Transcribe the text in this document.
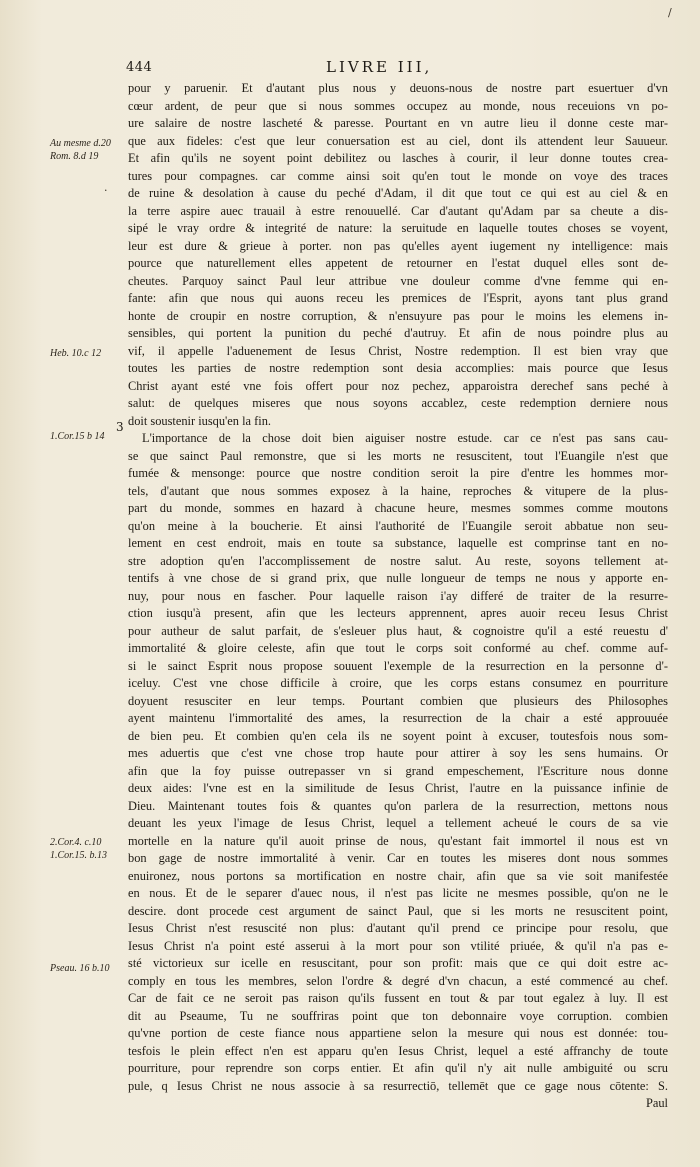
444	LIVRE III,
Au mesme d.20 Rom. 8.d 19
Heb. 10.c 12
1.Cor.15 b 14
2.Cor.4. c.10 1.Cor.15. b.13
Pseau. 16 b.10
3
·
/
pour y paruenir. Et d'autant plus nous y deuons-nous de nostre part esuertuer d'vn
cœur ardent, de peur que si nous sommes occupez au monde, nous receuions vn po-
ure salaire de nostre lascheté & paresse. Pourtant en vn autre lieu il donne ceste mar-
que aux fideles: c'est que leur conuersation est au ciel, dont ils attendent leur Sauueur.
Et afin qu'ils ne soyent point debilitez ou lasches à courir, il leur donne toutes crea-
tures pour compagnes. car comme ainsi soit qu'en tout le monde on voye des traces
de ruine & desolation à cause du peché d'Adam, il dit que tout ce qui est au ciel & en
la terre aspire auec trauail à estre renouuellé. Car d'autant qu'Adam par sa cheute a dis-
sipé le vray ordre & integrité de nature: la seruitude en laquelle toutes choses se voyent,
leur est dure & grieue à porter. non pas qu'elles ayent iugement ny intelligence: mais
pource que naturellement elles appetent de retourner en l'estat duquel elles sont de-
cheutes. Parquoy sainct Paul leur attribue vne douleur comme d'vne femme qui en-
fante: afin que nous qui auons receu les premices de l'Esprit, ayons tant plus grand
honte de croupir en nostre corruption, & n'ensuyure pas pour le moins les elemens in-
sensibles, qui portent la punition du peché d'autruy. Et afin de nous poindre plus au
vif, il appelle l'aduenement de Iesus Christ, Nostre redemption. Il est bien vray que
toutes les parties de nostre redemption sont desia accomplies: mais pource que Iesus
Christ ayant esté vne fois offert pour noz pechez, apparoistra derechef sans peché à
salut: de quelques miseres que nous soyons accablez, ceste redemption derniere nous
doit soustenir iusqu'en la fin.
L'importance de la chose doit bien aiguiser nostre estude. car ce n'est pas sans cau-
se que sainct Paul remonstre, que si les morts ne resuscitent, tout l'Euangile n'est que
fumée & mensonge: pource que nostre condition seroit la pire d'entre les hommes mor-
tels, d'autant que nous sommes exposez à la haine, reproches & vitupere de la plus-
part du monde, sommes en hazard à chacune heure, mesmes sommes comme moutons
qu'on meine à la boucherie. Et ainsi l'authorité de l'Euangile seroit abbatue non seu-
lement en cest endroit, mais en toute sa substance, laquelle est comprinse tant en no-
stre adoption qu'en l'accomplissement de nostre salut. Au reste, soyons tellement at-
tentifs à vne chose de si grand prix, que nulle longueur de temps ne nous y apporte en-
nuy, pour nous en fascher. Pour laquelle raison i'ay differé de traiter de la resurre-
ction iusqu'à present, afin que les lecteurs apprennent, apres auoir receu Iesus Christ
pour autheur de salut parfait, de s'esleuer plus haut, & cognoistre qu'il a esté reuestu d'
immortalité & gloire celeste, afin que tout le corps soit conformé au chef. comme auf-
si le sainct Esprit nous propose souuent l'exemple de la resurrection en la personne d'-
iceluy. C'est vne chose difficile à croire, que les corps estans consumez en pourriture
doyuent resusciter en leur temps. Pourtant combien que plusieurs des Philosophes
ayent maintenu l'immortalité des ames, la resurrection de la chair a esté approuuée
de bien peu. Et combien qu'en cela ils ne soyent point à excuser, toutesfois nous som-
mes aduertis que c'est vne chose trop haute pour attirer à soy les sens humains. Or
afin que la foy puisse outrepasser vn si grand empeschement, l'Escriture nous donne
deux aides: l'vne est en la similitude de Iesus Christ, l'autre en la puissance infinie de
Dieu. Maintenant toutes fois & quantes qu'on parlera de la resurrection, mettons nous
deuant les yeux l'image de Iesus Christ, lequel a tellement acheué le cours de sa vie
mortelle en la nature qu'il auoit prinse de nous, qu'estant fait immortel il nous est vn
bon gage de nostre immortalité à venir. Car en toutes les miseres dont nous sommes
enuironez, nous portons sa mortification en nostre chair, afin que sa vie soit manifestée
en nous. Et de le separer d'auec nous, il n'est pas licite ne mesmes possible, qu'on ne le
descire. dont procede cest argument de sainct Paul, que si les morts ne resuscitent point,
Iesus Christ n'est resuscité non plus: d'autant qu'il prend ce principe pour resolu, que
Iesus Christ n'a point esté asserui à la mort pour son vtilité priuée, & qu'il n'a pas e-
sté victorieux sur icelle en resuscitant, pour son profit: mais que ce qui doit estre ac-
comply en tous les membres, selon l'ordre & degré d'vn chacun, a esté commencé au chef.
Car de fait ce ne seroit pas raison qu'ils fussent en tout & par tout egalez à luy. Il est
dit au Pseaume, Tu ne souffriras point que ton debonnaire voye corruption. combien
qu'vne portion de ceste fiance nous appartiene selon la mesure qui nous est donnée: tou-
tesfois le plein effect n'en est apparu qu'en Iesus Christ, lequel a esté affranchy de toute
pourriture, pour reprendre son corps entier. Et afin qu'il n'y ait nulle ambiguité ou scru
pule, q Iesus Christ ne nous associe à sa resurrectiō, tellemēt que ce gage nous cōtente: S.
Paul
